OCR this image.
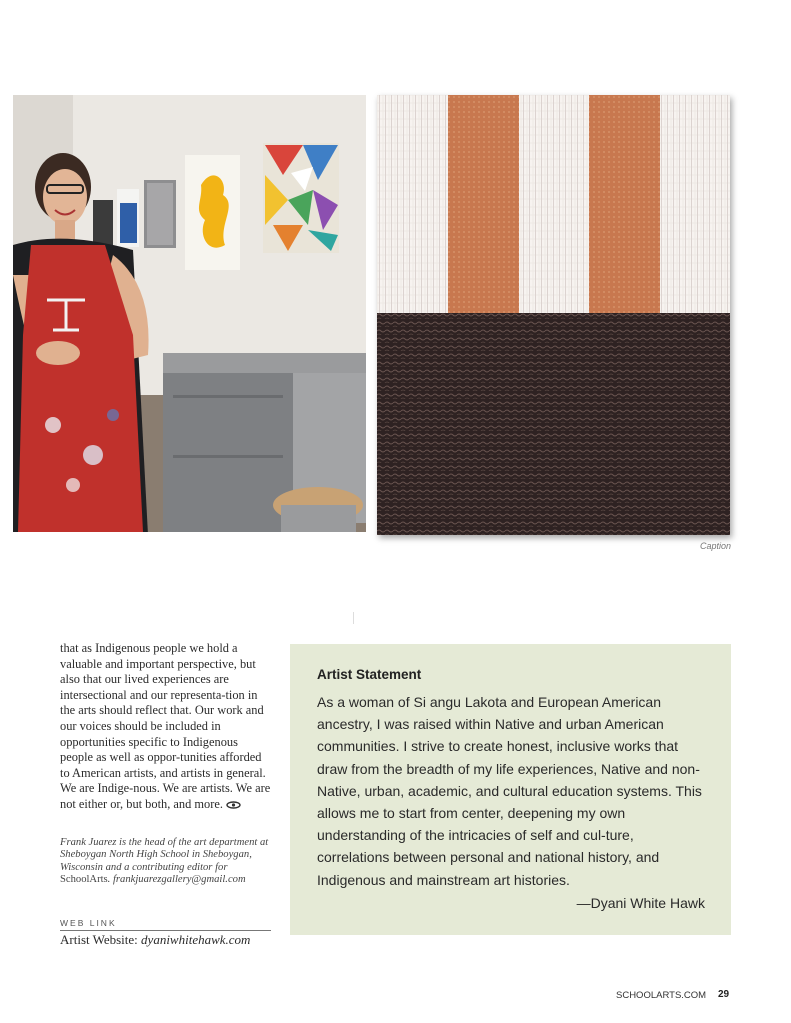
Caption

that as Indigenous people we hold a valuable and important perspective, but also that our lived experiences are intersectional and our representa-tion in the arts should reflect that. Our work and our voices should be included in opportunities specific to Indigenous people as well as oppor-tunities afforded to American artists, and artists in general. We are Indige-nous. We are artists. We are not either or, but both, and more.

Frank Juarez is the head of the art department at Sheboygan North High School in Sheboygan, Wisconsin and a contributing editor for SchoolArts. frankjuarezgallery@gmail.com

WEB LINK
Artist Website: dyaniwhitehawk.com
Artist Statement

As a woman of Si angu Lakota and European American ancestry, I was raised within Native and urban American communities. I strive to create honest, inclusive works that draw from the breadth of my life experiences, Native and non-Native, urban, academic, and cultural education systems. This allows me to start from center, deepening my own understanding of the intricacies of self and cul-ture, correlations between personal and national history, and Indigenous and mainstream art histories.

—Dyani White Hawk
SCHOOLARTS.COM 29
